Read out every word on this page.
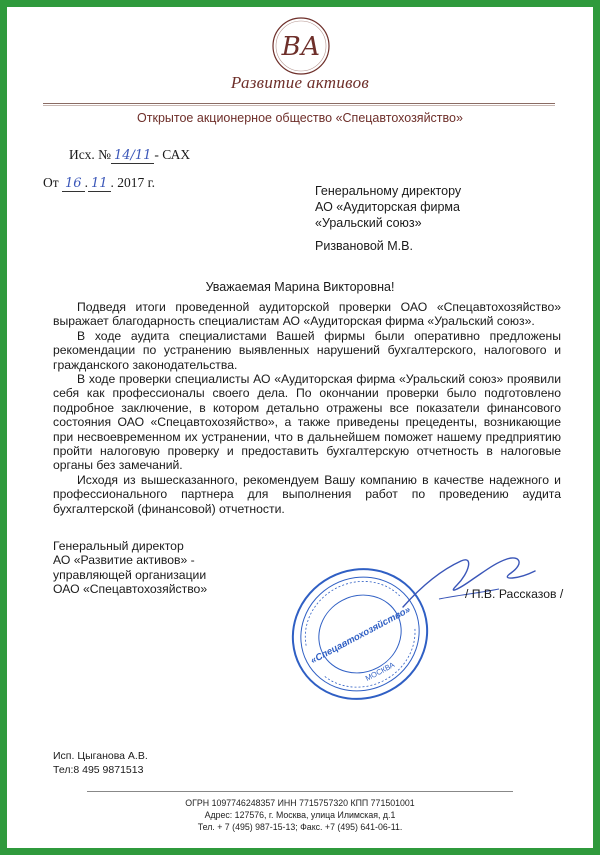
ВА
Развитие активов
Открытое акционерное общество «Спецавтохозяйство»
Исх. № 14/11 - САХ
От 16 . 11 . 2017 г.
Генеральному директору
АО «Аудиторская фирма
«Уральский союз»
Ризвановой М.В.
Уважаемая Марина Викторовна!

Подведя итоги проведенной аудиторской проверки ОАО «Спецавтохозяйство» выражает благодарность специалистам АО «Аудиторская фирма «Уральский союз».

В ходе аудита специалистами Вашей фирмы были оперативно предложены рекомендации по устранению выявленных нарушений бухгалтерского, налогового и гражданского законодательства.

В ходе проверки специалисты АО «Аудиторская фирма «Уральский союз» проявили себя как профессионалы своего дела. По окончании проверки было подготовлено подробное заключение, в котором детально отражены все показатели финансового состояния ОАО «Спецавтохозяйство», а также приведены прецеденты, возникающие при несвоевременном их устранении, что в дальнейшем поможет нашему предприятию пройти налоговую проверку и предоставить бухгалтерскую отчетность в налоговые органы без замечаний.

Исходя из вышесказанного, рекомендуем Вашу компанию в качестве надежного и профессионального партнера для выполнения работ по проведению аудита бухгалтерской (финансовой) отчетности.

Генеральный директор
АО «Развитие активов» -
управляющей организации
ОАО «Спецавтохозяйство»
«Спецавтохозяйство»
МОСКВА
/ П.В. Рассказов /
Исп. Цыганова А.В.
Тел:8 495 9871513
ОГРН 1097746248357 ИНН 7715757320 КПП 771501001
Адрес: 127576, г. Москва, улица Илимская, д.1
Тел. + 7 (495) 987-15-13; Факс. +7 (495) 641-06-11.
